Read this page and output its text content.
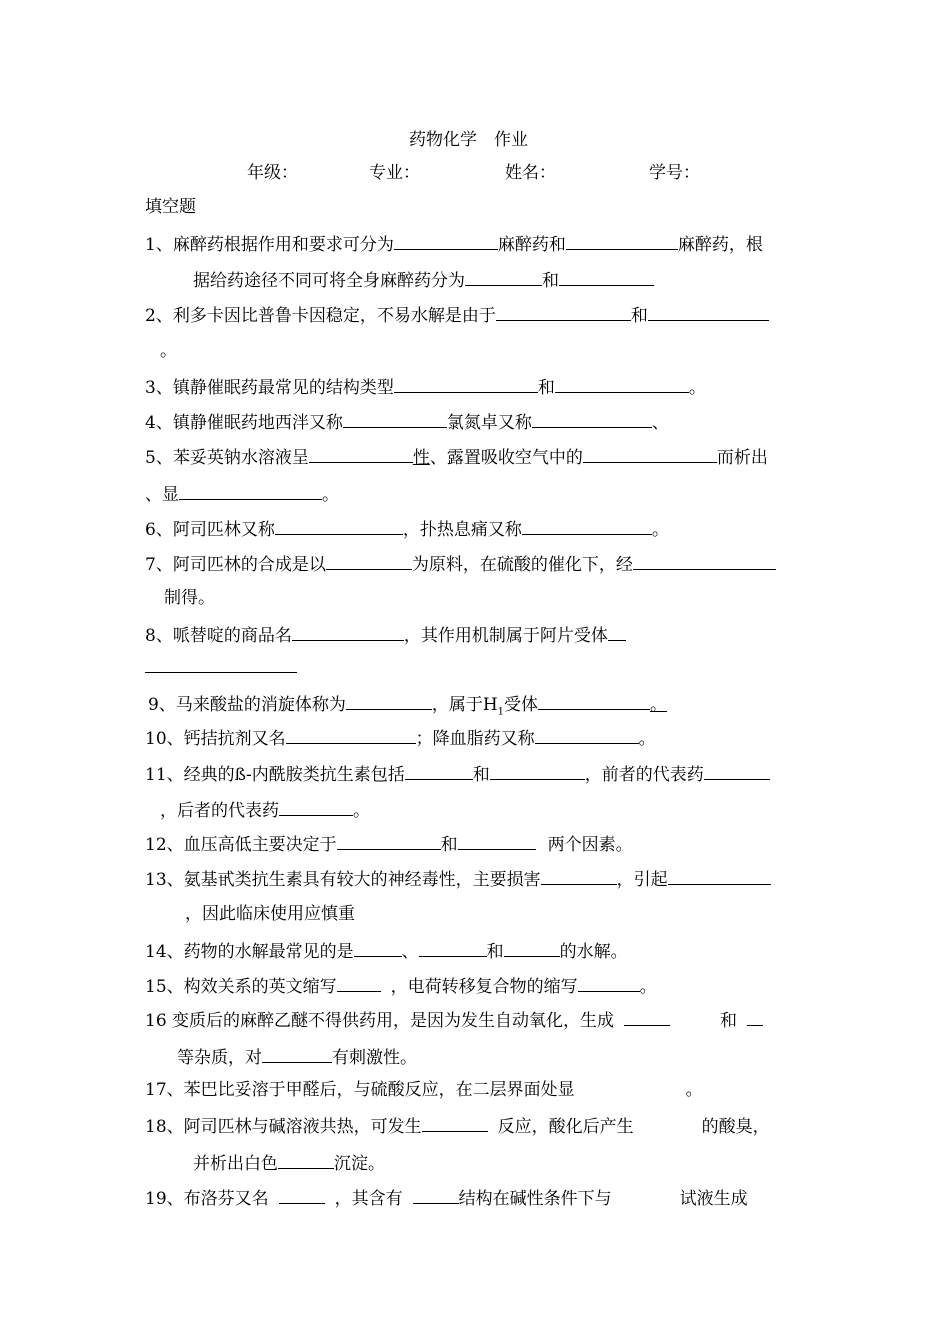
药物化学　作业
年级：	专业：	姓名：	学号：
填空题
1、麻醉药根据作用和要求可分为	麻醉药和	麻醉药，根
据给药途径不同可将全身麻醉药分为	和
2、利多卡因比普鲁卡因稳定，不易水解是由于	和
。
3、镇静催眠药最常见的结构类型	和	。
4、镇静催眠药地西泮又称	氯氮卓又称	、
5、苯妥英钠水溶液呈	性、露置吸收空气中的	而析出
、显	。
6、阿司匹林又称	，扑热息痛又称	。
7、阿司匹林的合成是以	为原料，在硫酸的催化下，经
制得。
8、哌替啶的商品名	，其作用机制属于阿片受体
9、马来酸盐的消旋体称为	，属于$H_1$受体	。
10、钙拮抗剂又名	；降血脂药又称	。
11、经典的ß-内酰胺类抗生素包括	和	，前者的代表药
，后者的代表药	。
12、血压高低主要决定于	和	两个因素。
13、氨基甙类抗生素具有较大的神经毒性，主要损害	，引起
，因此临床使用应慎重
14、药物的水解最常见的是	、	和	的水解。
15、构效关系的英文缩写	，电荷转移复合物的缩写	。
16 变质后的麻醉乙醚不得供药用，是因为发生自动氧化，生成	和
等杂质，对	有刺激性。
17、苯巴比妥溶于甲醛后，与硫酸反应，在二层界面处显	。
18、阿司匹林与碱溶液共热，可发生	反应，酸化后产生	的酸臭，
并析出白色	沉淀。
19、布洛芬又名	，其含有	结构在碱性条件下与	试液生成
